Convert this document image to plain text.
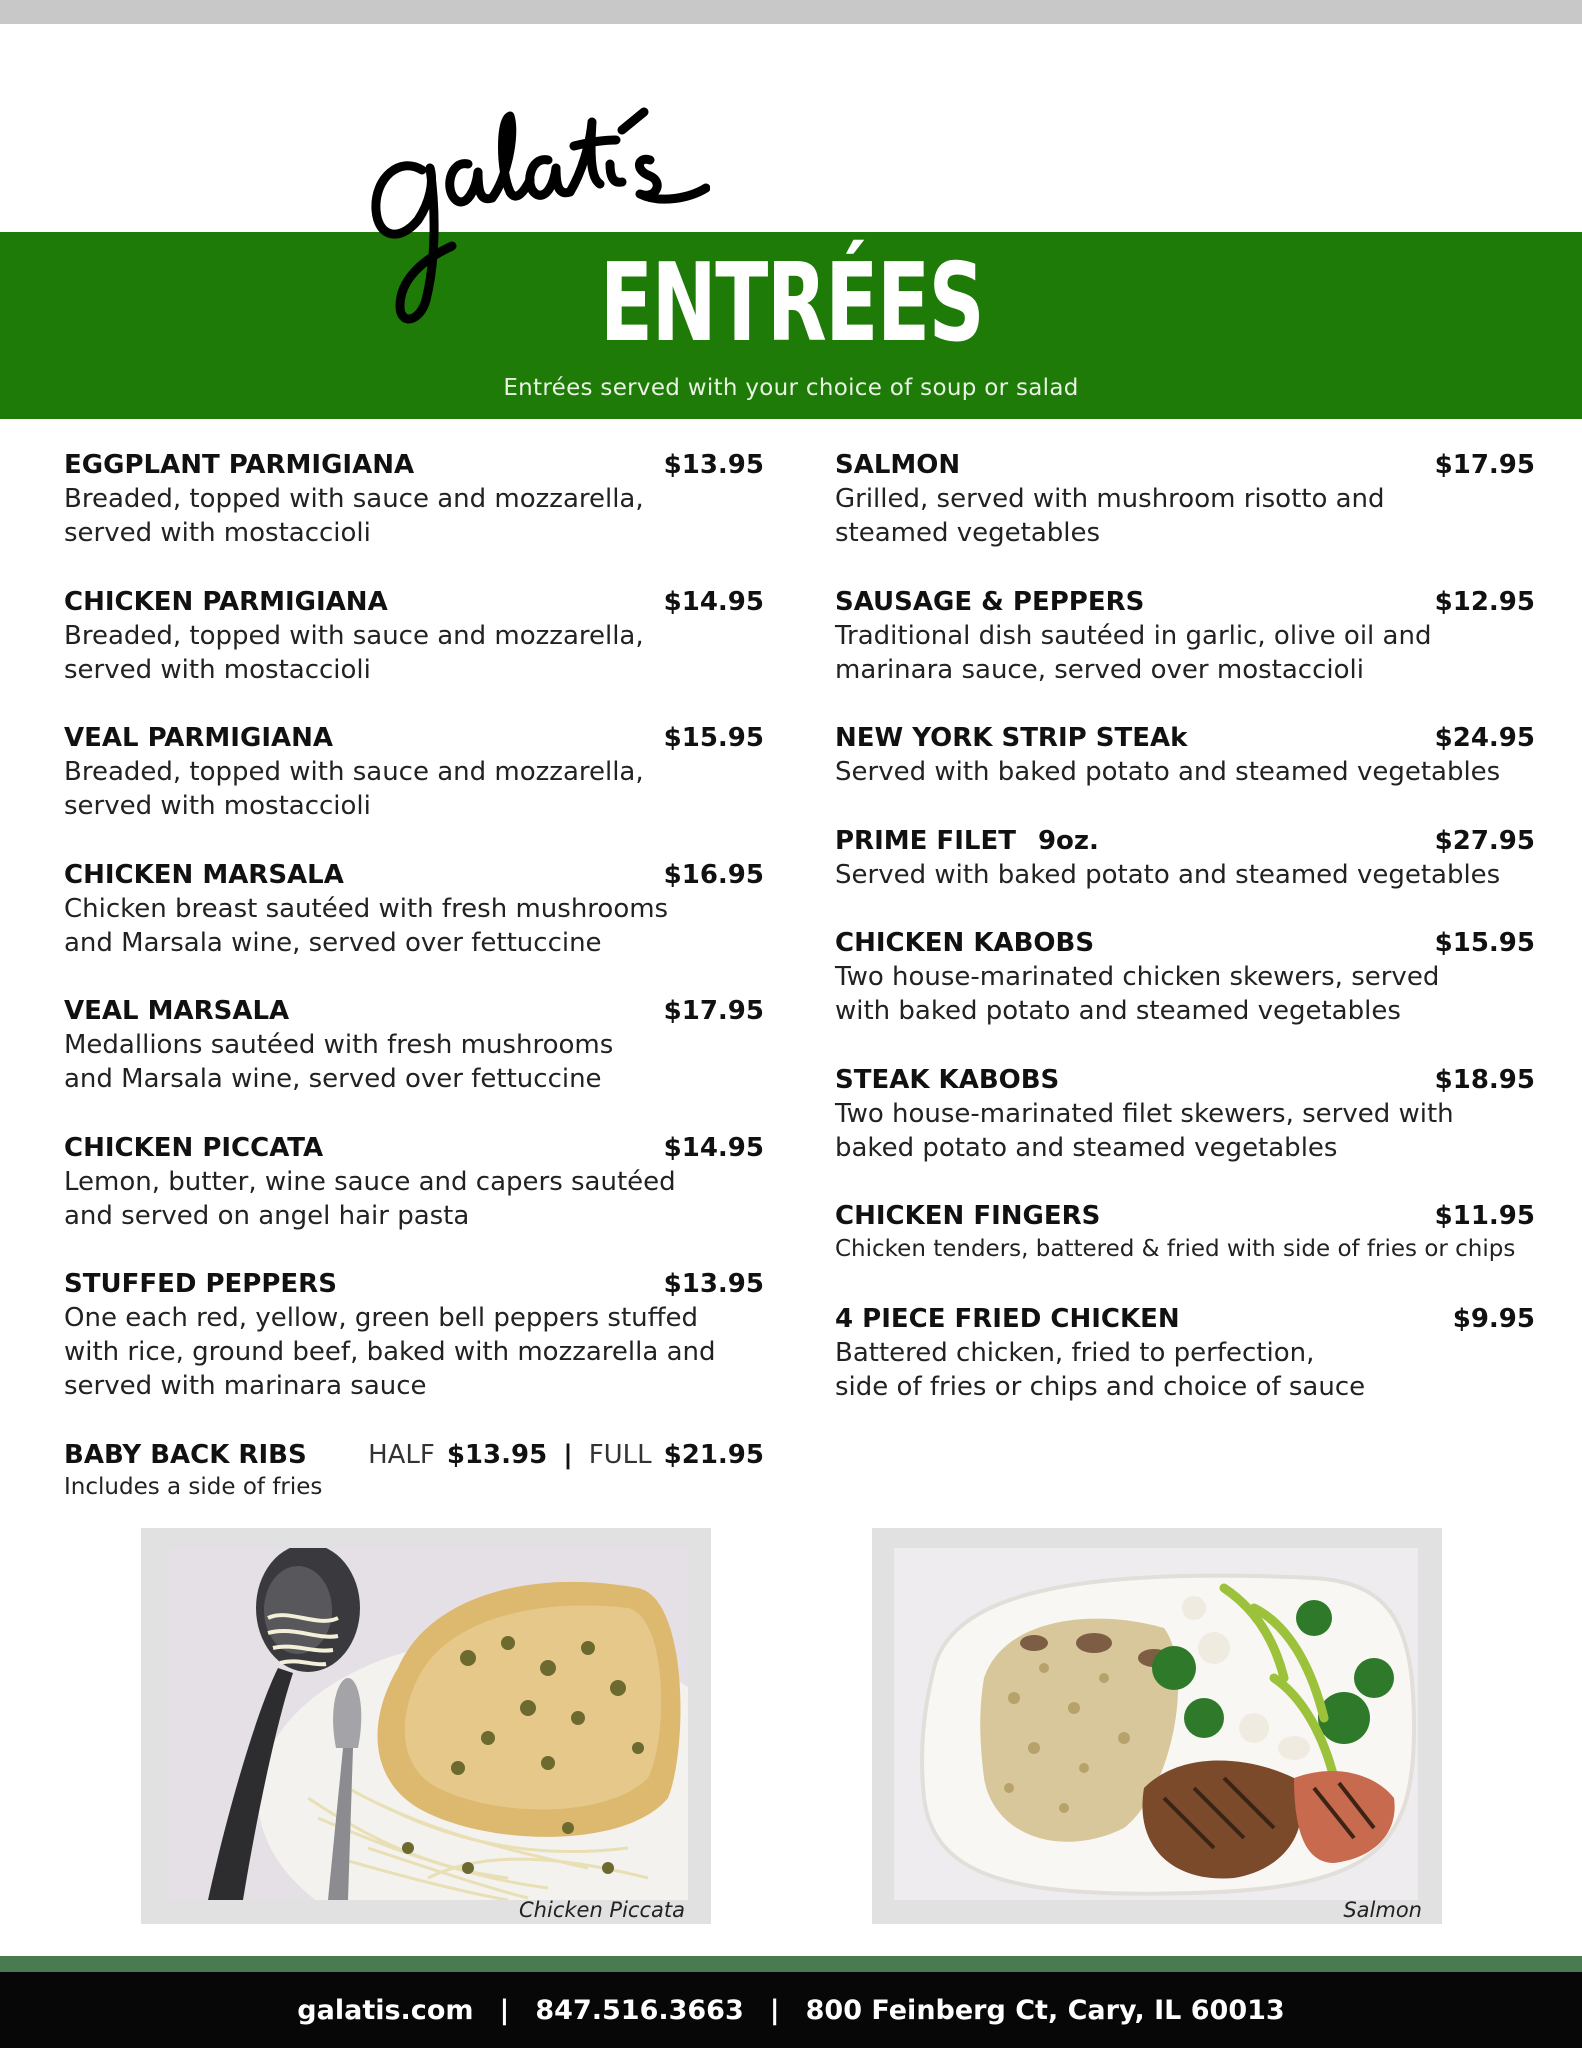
ENTRÉES
Entrées served with your choice of soup or salad
EGGPLANT PARMIGIANA	$13.95
Breaded, topped with sauce and mozzarella,
served with mostaccioli
CHICKEN PARMIGIANA	$14.95
Breaded, topped with sauce and mozzarella,
served with mostaccioli
VEAL PARMIGIANA	$15.95
Breaded, topped with sauce and mozzarella,
served with mostaccioli
CHICKEN MARSALA	$16.95
Chicken breast sautéed with fresh mushrooms
and Marsala wine, served over fettuccine
VEAL MARSALA	$17.95
Medallions sautéed with fresh mushrooms
and Marsala wine, served over fettuccine
CHICKEN PICCATA	$14.95
Lemon, butter, wine sauce and capers sautéed
and served on angel hair pasta
STUFFED PEPPERS	$13.95
One each red, yellow, green bell peppers stuffed
with rice, ground beef, baked with mozzarella and
served with marinara sauce
BABY BACK RIBS HALF $13.95 | FULL $21.95
Includes a side of fries
SALMON	$17.95
Grilled, served with mushroom risotto and
steamed vegetables
SAUSAGE & PEPPERS	$12.95
Traditional dish sautéed in garlic, olive oil and
marinara sauce, served over mostaccioli
NEW YORK STRIP STEAk	$24.95
Served with baked potato and steamed vegetables
PRIME FILET 9oz.	$27.95
Served with baked potato and steamed vegetables
CHICKEN KABOBS	$15.95
Two house-marinated chicken skewers, served
with baked potato and steamed vegetables
STEAK KABOBS	$18.95
Two house-marinated filet skewers, served with
baked potato and steamed vegetables
CHICKEN FINGERS	$11.95
Chicken tenders, battered & fried with side of fries or chips
4 PIECE FRIED CHICKEN	$9.95
Battered chicken, fried to perfection,
side of fries or chips and choice of sauce
Chicken Piccata	Salmon
galatis.com | 847.516.3663 | 800 Feinberg Ct, Cary, IL 60013
